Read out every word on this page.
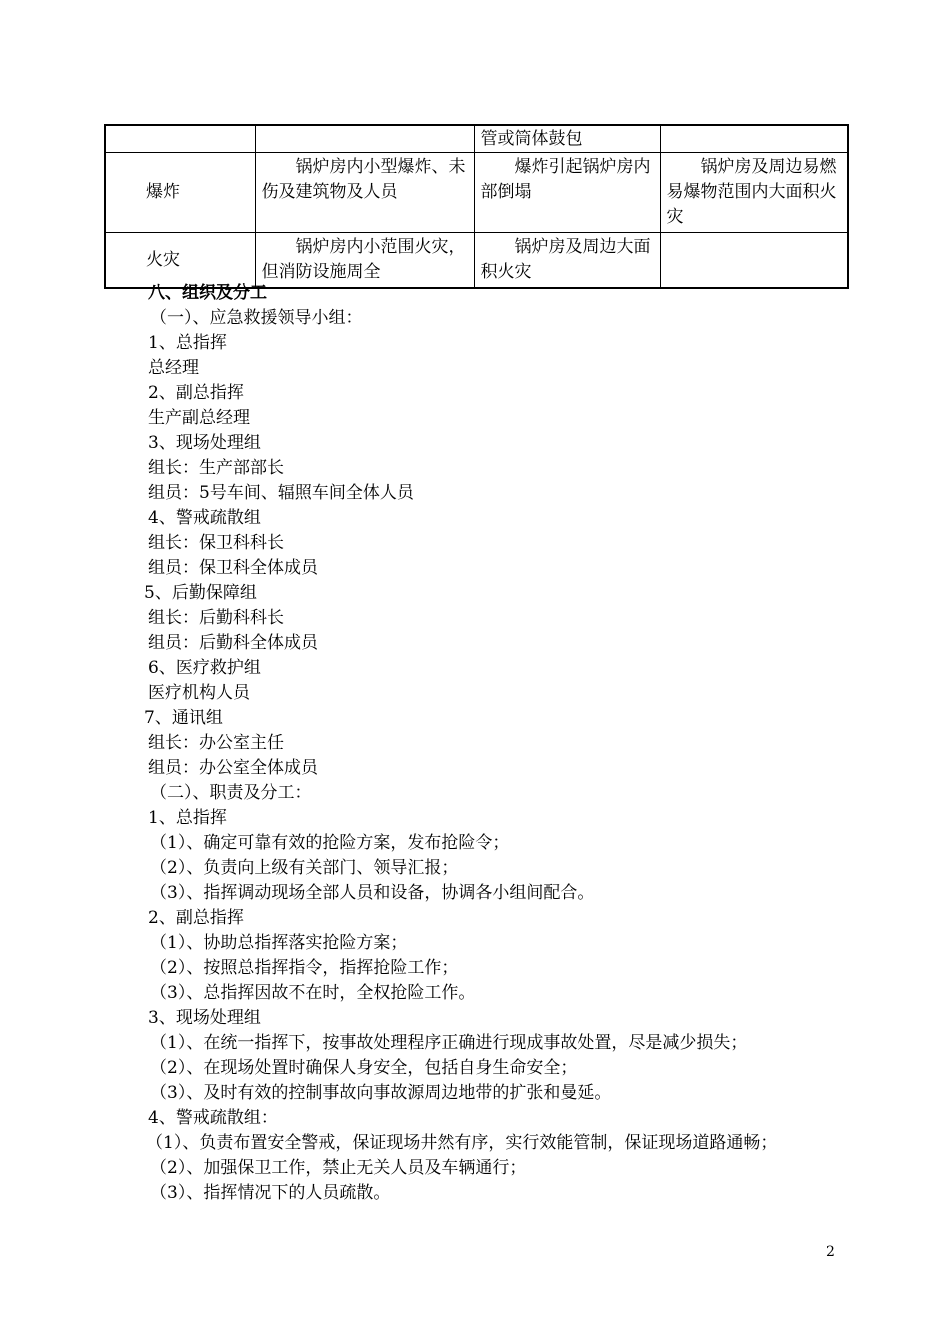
		管或筒体鼓包	
爆炸	锅炉房内小型爆炸、未伤及建筑物及人员	爆炸引起锅炉房内部倒塌	锅炉房及周边易燃易爆物范围内大面积火灾

火灾	锅炉房内小范围火灾，但消防设施周全	锅炉房及周边大面积火灾	

八、组织及分工
（一）、应急救援领导小组：
1、总指挥
总经理
2、副总指挥
生产副总经理
3、现场处理组
组长：生产部部长
组员：5号车间、辐照车间全体人员
4、警戒疏散组
组长：保卫科科长
组员：保卫科全体成员
5、后勤保障组
组长：后勤科科长
组员：后勤科全体成员
6、医疗救护组
医疗机构人员
7、通讯组
组长：办公室主任
组员：办公室全体成员
（二）、职责及分工：
1、总指挥
（1）、确定可靠有效的抢险方案，发布抢险令；
（2）、负责向上级有关部门、领导汇报；
（3）、指挥调动现场全部人员和设备，协调各小组间配合。
2、副总指挥
（1）、协助总指挥落实抢险方案；
（2）、按照总指挥指令，指挥抢险工作；
（3）、总指挥因故不在时，全权抢险工作。
3、现场处理组
（1）、在统一指挥下，按事故处理程序正确进行现成事故处置，尽是减少损失；
（2）、在现场处置时确保人身安全，包括自身生命安全；
（3）、及时有效的控制事故向事故源周边地带的扩张和曼延。
4、警戒疏散组：
（1）、负责布置安全警戒，保证现场井然有序，实行效能管制，保证现场道路通畅；
（2）、加强保卫工作，禁止无关人员及车辆通行；
（3）、指挥情况下的人员疏散。
2
